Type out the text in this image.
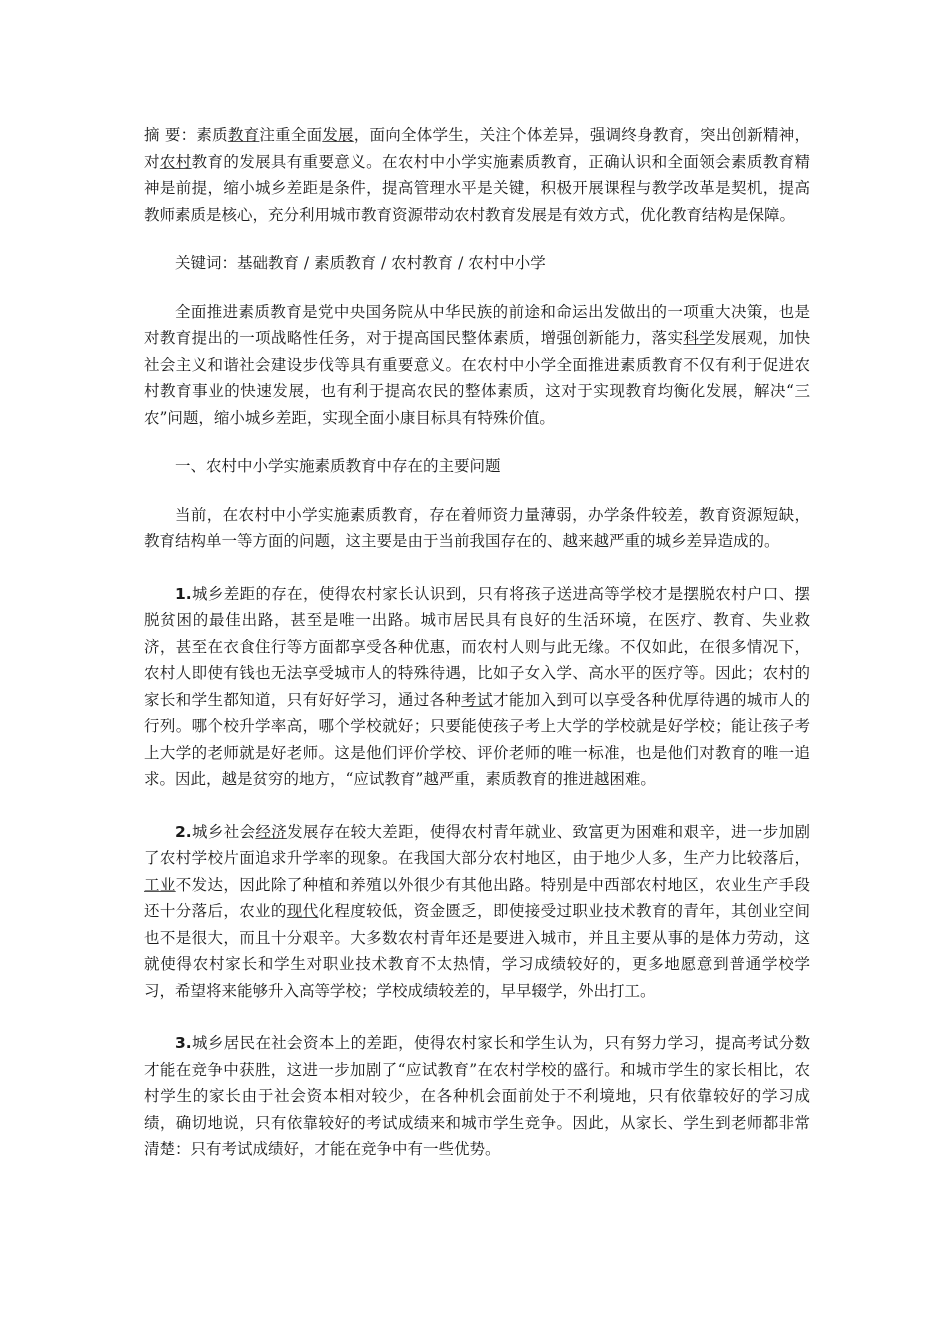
摘 要：素质教育注重全面发展，面向全体学生，关注个体差异，强调终身教育，突出创新精神，对农村教育的发展具有重要意义。在农村中小学实施素质教育，正确认识和全面领会素质教育精神是前提，缩小城乡差距是条件，提高管理水平是关键，积极开展课程与教学改革是契机，提高教师素质是核心，充分利用城市教育资源带动农村教育发展是有效方式，优化教育结构是保障。

关键词：基础教育 / 素质教育 / 农村教育 / 农村中小学

全面推进素质教育是党中央国务院从中华民族的前途和命运出发做出的一项重大决策，也是对教育提出的一项战略性任务，对于提高国民整体素质，增强创新能力，落实科学发展观，加快社会主义和谐社会建设步伐等具有重要意义。在农村中小学全面推进素质教育不仅有利于促进农村教育事业的快速发展，也有利于提高农民的整体素质，这对于实现教育均衡化发展，解决“三农”问题，缩小城乡差距，实现全面小康目标具有特殊价值。

一、农村中小学实施素质教育中存在的主要问题

当前，在农村中小学实施素质教育，存在着师资力量薄弱，办学条件较差，教育资源短缺，教育结构单一等方面的问题，这主要是由于当前我国存在的、越来越严重的城乡差异造成的。

1.城乡差距的存在，使得农村家长认识到，只有将孩子送进高等学校才是摆脱农村户口、摆脱贫困的最佳出路，甚至是唯一出路。城市居民具有良好的生活环境，在医疗、教育、失业救济，甚至在衣食住行等方面都享受各种优惠，而农村人则与此无缘。不仅如此，在很多情况下，农村人即使有钱也无法享受城市人的特殊待遇，比如子女入学、高水平的医疗等。因此；农村的家长和学生都知道，只有好好学习，通过各种考试才能加入到可以享受各种优厚待遇的城市人的行列。哪个校升学率高，哪个学校就好；只要能使孩子考上大学的学校就是好学校；能让孩子考上大学的老师就是好老师。这是他们评价学校、评价老师的唯一标准，也是他们对教育的唯一追求。因此，越是贫穷的地方，“应试教育”越严重，素质教育的推进越困难。

2.城乡社会经济发展存在较大差距，使得农村青年就业、致富更为困难和艰辛，进一步加剧了农村学校片面追求升学率的现象。在我国大部分农村地区，由于地少人多，生产力比较落后，工业不发达，因此除了种植和养殖以外很少有其他出路。特别是中西部农村地区，农业生产手段还十分落后，农业的现代化程度较低，资金匮乏，即使接受过职业技术教育的青年，其创业空间也不是很大，而且十分艰辛。大多数农村青年还是要进入城市，并且主要从事的是体力劳动，这就使得农村家长和学生对职业技术教育不太热情，学习成绩较好的，更多地愿意到普通学校学习，希望将来能够升入高等学校；学校成绩较差的，早早辍学，外出打工。

3.城乡居民在社会资本上的差距，使得农村家长和学生认为，只有努力学习，提高考试分数才能在竞争中获胜，这进一步加剧了“应试教育”在农村学校的盛行。和城市学生的家长相比，农村学生的家长由于社会资本相对较少，在各种机会面前处于不利境地，只有依靠较好的学习成绩，确切地说，只有依靠较好的考试成绩来和城市学生竞争。因此，从家长、学生到老师都非常清楚：只有考试成绩好，才能在竞争中有一些优势。
